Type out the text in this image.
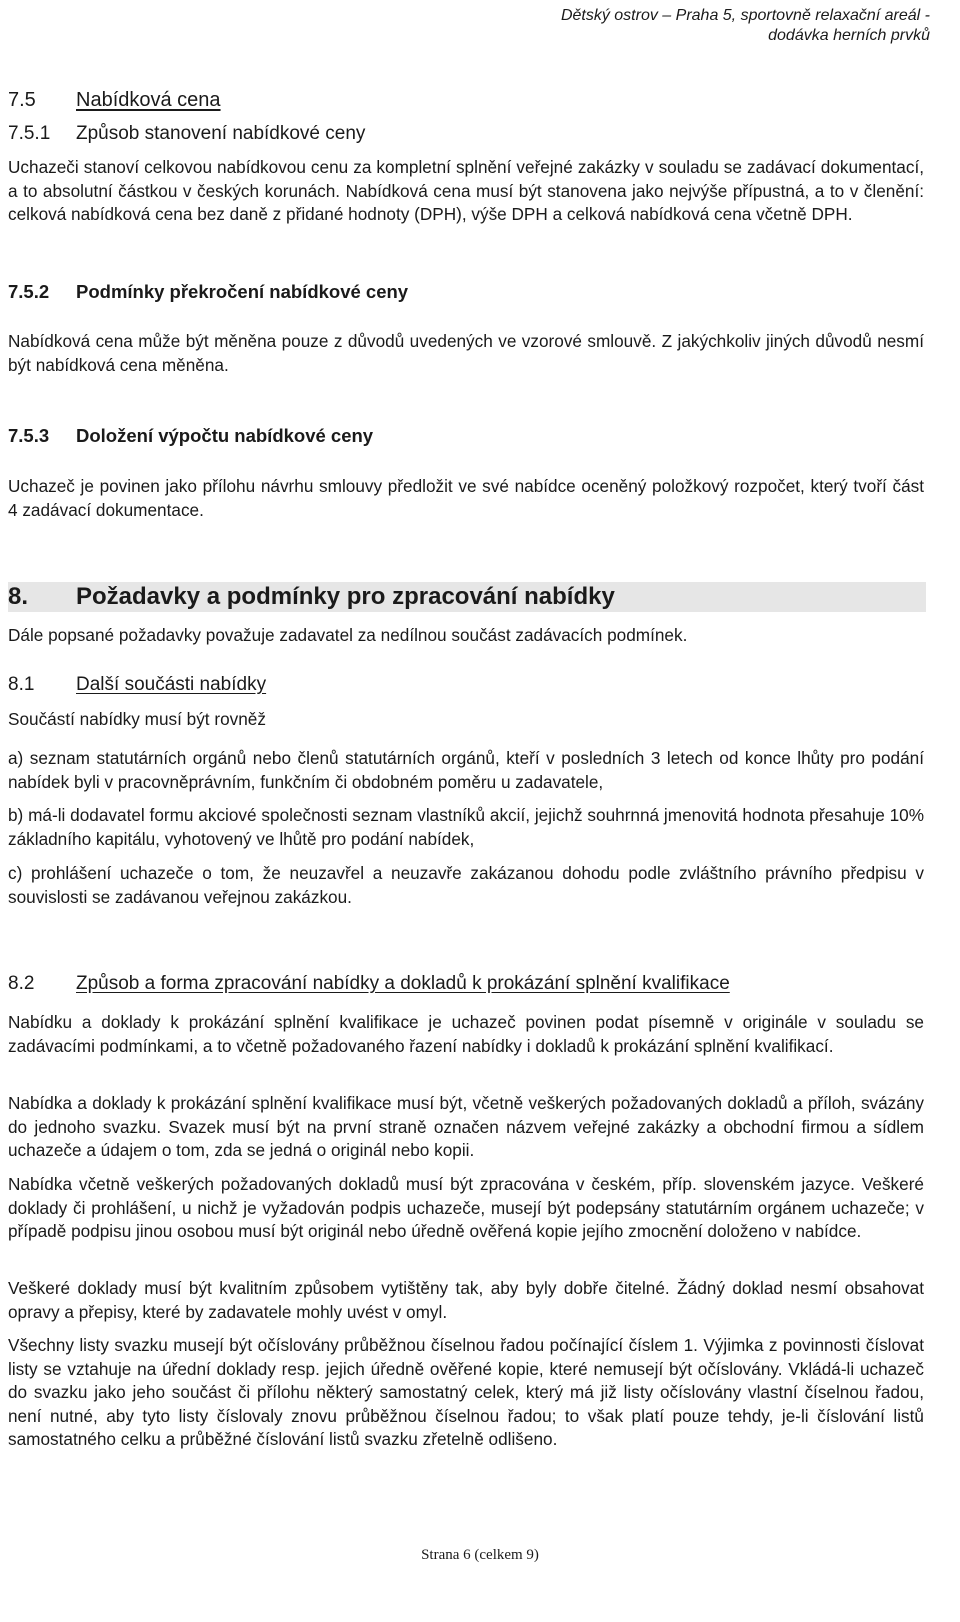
Dětský ostrov – Praha 5, sportovně relaxační areál -
dodávka herních prvků
7.5 Nabídková cena
7.5.1 Způsob stanovení nabídkové ceny

Uchazeči stanoví celkovou nabídkovou cenu za kompletní splnění veřejné zakázky v souladu se zadávací dokumentací, a to absolutní částkou v českých korunách. Nabídková cena musí být stanovena jako nejvýše přípustná, a to v členění: celková nabídková cena bez daně z přidané hodnoty (DPH), výše DPH a celková nabídková cena včetně DPH.

7.5.2 Podmínky překročení nabídkové ceny

Nabídková cena může být měněna pouze z důvodů uvedených ve vzorové smlouvě. Z jakýchkoliv jiných důvodů nesmí být nabídková cena měněna.

7.5.3 Doložení výpočtu nabídkové ceny

Uchazeč je povinen jako přílohu návrhu smlouvy předložit ve své nabídce oceněný položkový rozpočet, který tvoří část 4 zadávací dokumentace.

8. Požadavky a podmínky pro zpracování nabídky

Dále popsané požadavky považuje zadavatel za nedílnou součást zadávacích podmínek.

8.1 Další součásti nabídky

Součástí nabídky musí být rovněž

a) seznam statutárních orgánů nebo členů statutárních orgánů, kteří v posledních 3 letech od konce lhůty pro podání nabídek byli v pracovněprávním, funkčním či obdobném poměru u zadavatele,

b) má-li dodavatel formu akciové společnosti seznam vlastníků akcií, jejichž souhrnná jmenovitá hodnota přesahuje 10% základního kapitálu, vyhotovený ve lhůtě pro podání nabídek,

c) prohlášení uchazeče o tom, že neuzavřel a neuzavře zakázanou dohodu podle zvláštního právního předpisu v souvislosti se zadávanou veřejnou zakázkou.

8.2 Způsob a forma zpracování nabídky a dokladů k prokázání splnění kvalifikace

Nabídku a doklady k prokázání splnění kvalifikace je uchazeč povinen podat písemně v originále v souladu se zadávacími podmínkami, a to včetně požadovaného řazení nabídky i dokladů k prokázání splnění kvalifikací.

Nabídka a doklady k prokázání splnění kvalifikace musí být, včetně veškerých požadovaných dokladů a příloh, svázány do jednoho svazku. Svazek musí být na první straně označen názvem veřejné zakázky a obchodní firmou a sídlem uchazeče a údajem o tom, zda se jedná o originál nebo kopii.

Nabídka včetně veškerých požadovaných dokladů musí být zpracována v českém, příp. slovenském jazyce. Veškeré doklady či prohlášení, u nichž je vyžadován podpis uchazeče, musejí být podepsány statutárním orgánem uchazeče; v případě podpisu jinou osobou musí být originál nebo úředně ověřená kopie jejího zmocnění doloženo v nabídce.

Veškeré doklady musí být kvalitním způsobem vytištěny tak, aby byly dobře čitelné. Žádný doklad nesmí obsahovat opravy a přepisy, které by zadavatele mohly uvést v omyl.

Všechny listy svazku musejí být očíslovány průběžnou číselnou řadou počínající číslem 1. Výjimka z povinnosti číslovat listy se vztahuje na úřední doklady resp. jejich úředně ověřené kopie, které nemusejí být očíslovány. Vkládá-li uchazeč do svazku jako jeho součást či přílohu některý samostatný celek, který má již listy očíslovány vlastní číselnou řadou, není nutné, aby tyto listy číslovaly znovu průběžnou číselnou řadou; to však platí pouze tehdy, je-li číslování listů samostatného celku a průběžné číslování listů svazku zřetelně odlišeno.

Strana 6 (celkem 9)
